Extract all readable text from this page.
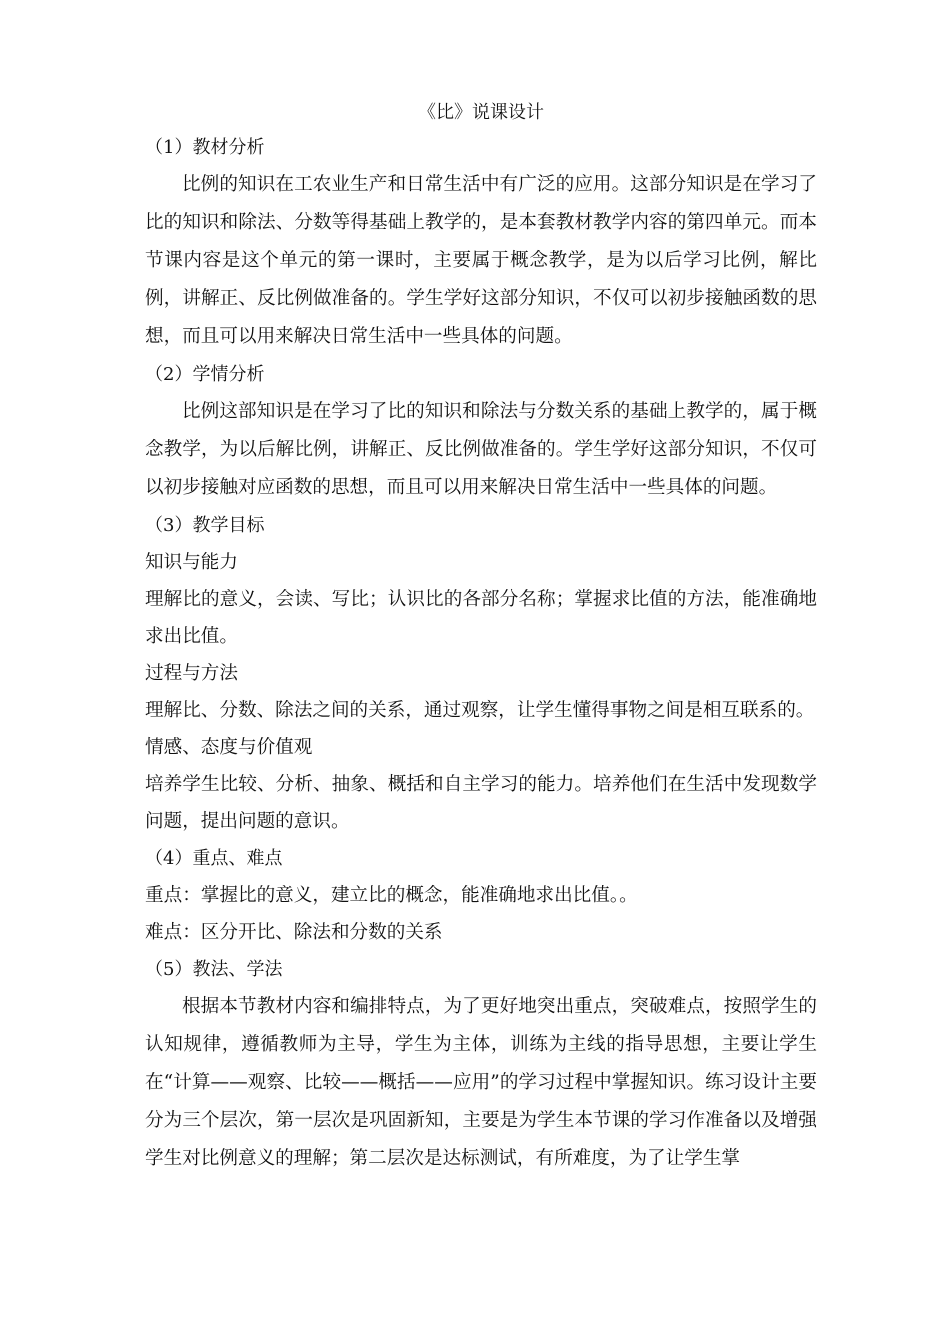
《比》说课设计

（1）教材分析

比例的知识在工农业生产和日常生活中有广泛的应用。这部分知识是在学习了比的知识和除法、分数等得基础上教学的，是本套教材教学内容的第四单元。而本节课内容是这个单元的第一课时，主要属于概念教学，是为以后学习比例，解比例，讲解正、反比例做准备的。学生学好这部分知识，不仅可以初步接触函数的思想，而且可以用来解决日常生活中一些具体的问题。

（2）学情分析

比例这部知识是在学习了比的知识和除法与分数关系的基础上教学的，属于概念教学，为以后解比例，讲解正、反比例做准备的。学生学好这部分知识，不仅可以初步接触对应函数的思想，而且可以用来解决日常生活中一些具体的问题。

（3）教学目标

知识与能力

理解比的意义，会读、写比；认识比的各部分名称；掌握求比值的方法，能准确地求出比值。

过程与方法

理解比、分数、除法之间的关系，通过观察，让学生懂得事物之间是相互联系的。

情感、态度与价值观

培养学生比较、分析、抽象、概括和自主学习的能力。培养他们在生活中发现数学问题，提出问题的意识。

（4）重点、难点

重点：掌握比的意义，建立比的概念，能准确地求出比值。。

难点：区分开比、除法和分数的关系

（5）教法、学法

根据本节教材内容和编排特点，为了更好地突出重点，突破难点，按照学生的认知规律，遵循教师为主导，学生为主体，训练为主线的指导思想，主要让学生在“计算——观察、比较——概括——应用”的学习过程中掌握知识。练习设计主要分为三个层次，第一层次是巩固新知，主要是为学生本节课的学习作准备以及增强学生对比例意义的理解；第二层次是达标测试，有所难度，为了让学生掌
